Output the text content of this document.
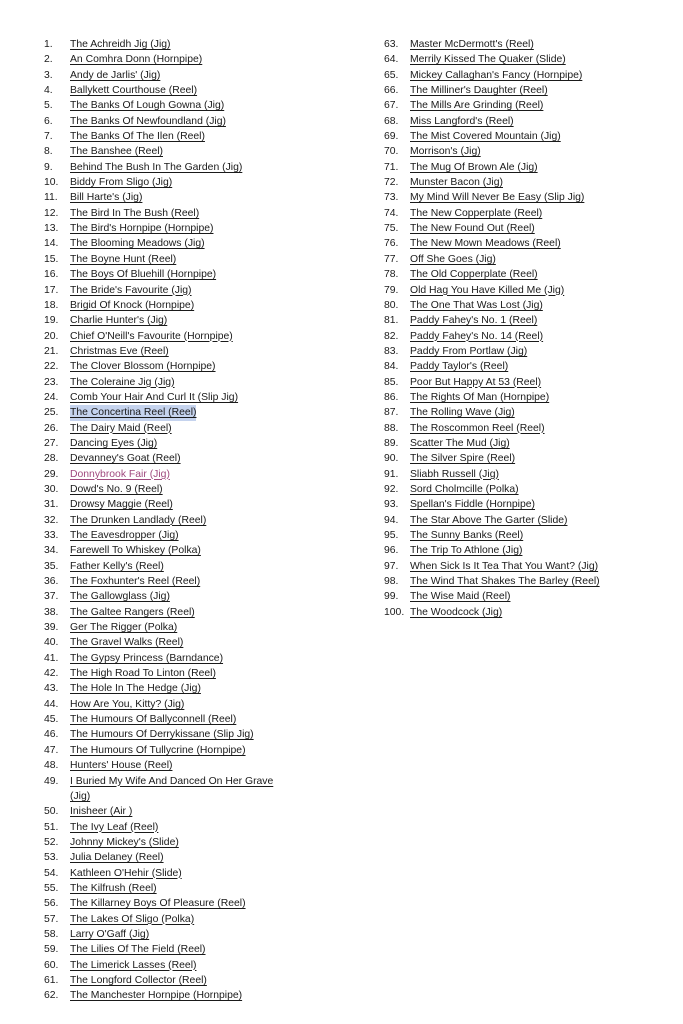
1.	The Achreidh Jig (Jig)
2.	An Comhra Donn (Hornpipe)
3.	Andy de Jarlis' (Jig)
4.	Ballykett Courthouse (Reel)
5.	The Banks Of Lough Gowna (Jig)
6.	The Banks Of Newfoundland (Jig)
7.	The Banks Of The Ilen (Reel)
8.	The Banshee (Reel)
9.	Behind The Bush In The Garden (Jig)
10.	Biddy From Sligo (Jig)
11.	Bill Harte's (Jig)
12.	The Bird In The Bush (Reel)
13.	The Bird's Hornpipe (Hornpipe)
14.	The Blooming Meadows (Jig)
15.	The Boyne Hunt (Reel)
16.	The Boys Of Bluehill (Hornpipe)
17.	The Bride's Favourite (Jig)
18.	Brigid Of Knock (Hornpipe)
19.	Charlie Hunter's (Jig)
20.	Chief O'Neill's Favourite (Hornpipe)
21.	Christmas Eve (Reel)
22.	The Clover Blossom (Hornpipe)
23.	The Coleraine Jig (Jig)
24.	Comb Your Hair And Curl It (Slip Jig)
25.	The Concertina Reel (Reel)
26.	The Dairy Maid (Reel)
27.	Dancing Eyes (Jig)
28.	Devanney's Goat (Reel)
29.	Donnybrook Fair (Jig)
30.	Dowd's No. 9 (Reel)
31.	Drowsy Maggie (Reel)
32.	The Drunken Landlady (Reel)
33.	The Eavesdropper (Jig)
34.	Farewell To Whiskey (Polka)
35.	Father Kelly's (Reel)
36.	The Foxhunter's Reel (Reel)
37.	The Gallowglass (Jig)
38.	The Galtee Rangers (Reel)
39.	Ger The Rigger (Polka)
40.	The Gravel Walks (Reel)
41.	The Gypsy Princess (Barndance)
42.	The High Road To Linton (Reel)
43.	The Hole In The Hedge (Jig)
44.	How Are You, Kitty? (Jig)
45.	The Humours Of Ballyconnell (Reel)
46.	The Humours Of Derrykissane (Slip Jig)
47.	The Humours Of Tullycrine (Hornpipe)
48.	Hunters' House (Reel)
49.	I Buried My Wife And Danced On Her Grave (Jig)
50.	Inisheer (Air )
51.	The Ivy Leaf (Reel)
52.	Johnny Mickey's (Slide)
53.	Julia Delaney (Reel)
54.	Kathleen O'Hehir (Slide)
55.	The Kilfrush (Reel)
56.	The Killarney Boys Of Pleasure (Reel)
57.	The Lakes Of Sligo (Polka)
58.	Larry O'Gaff (Jig)
59.	The Lilies Of The Field (Reel)
60.	The Limerick Lasses (Reel)
61.	The Longford Collector (Reel)
62.	The Manchester Hornpipe (Hornpipe)
63.	Master McDermott's (Reel)
64.	Merrily Kissed The Quaker (Slide)
65.	Mickey Callaghan's Fancy (Hornpipe)
66.	The Milliner's Daughter (Reel)
67.	The Mills Are Grinding (Reel)
68.	Miss Langford's (Reel)
69.	The Mist Covered Mountain (Jig)
70.	Morrison's (Jig)
71.	The Mug Of Brown Ale (Jig)
72.	Munster Bacon (Jig)
73.	My Mind Will Never Be Easy (Slip Jig)
74.	The New Copperplate (Reel)
75.	The New Found Out (Reel)
76.	The New Mown Meadows (Reel)
77.	Off She Goes (Jig)
78.	The Old Copperplate (Reel)
79.	Old Hag You Have Killed Me (Jig)
80.	The One That Was Lost (Jig)
81.	Paddy Fahey's No. 1 (Reel)
82.	Paddy Fahey's No. 14 (Reel)
83.	Paddy From Portlaw (Jig)
84.	Paddy Taylor's (Reel)
85.	Poor But Happy At 53 (Reel)
86.	The Rights Of Man (Hornpipe)
87.	The Rolling Wave (Jig)
88.	The Roscommon Reel (Reel)
89.	Scatter The Mud (Jig)
90.	The Silver Spire (Reel)
91.	Sliabh Russell (Jig)
92.	Sord Cholmcille (Polka)
93.	Spellan's Fiddle (Hornpipe)
94.	The Star Above The Garter (Slide)
95.	The Sunny Banks (Reel)
96.	The Trip To Athlone (Jig)
97.	When Sick Is It Tea That You Want? (Jig)
98.	The Wind That Shakes The Barley (Reel)
99.	The Wise Maid (Reel)
100. The Woodcock (Jig)
